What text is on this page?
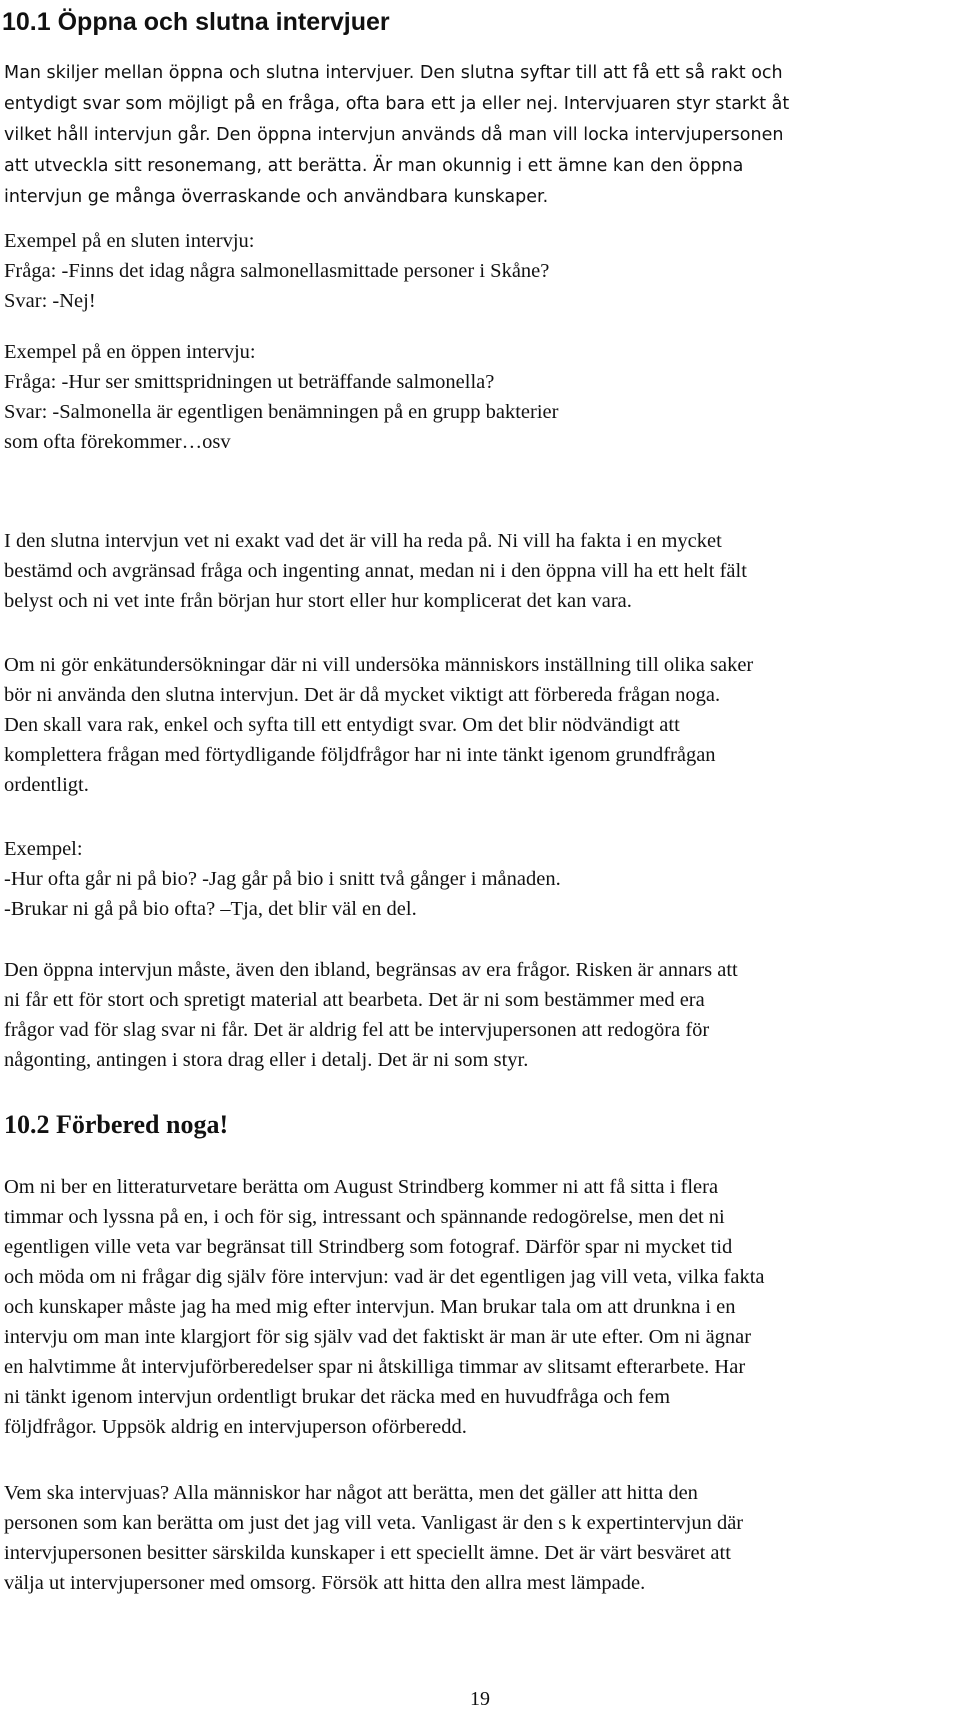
10.1 Öppna och slutna intervjuer
Man skiljer mellan öppna och slutna intervjuer. Den slutna syftar till att få ett så rakt och
entydigt svar som möjligt på en fråga, ofta bara ett ja eller nej. Intervjuaren styr starkt åt
vilket håll intervjun går. Den öppna intervjun används då man vill locka intervjupersonen
att utveckla sitt resonemang, att berätta. Är man okunnig i ett ämne kan den öppna
intervjun ge många överraskande och användbara kunskaper.
Exempel på en sluten intervju:
Fråga: -Finns det idag några salmonellasmittade personer i Skåne?
Svar: -Nej!
Exempel på en öppen intervju:
Fråga: -Hur ser smittspridningen ut beträffande salmonella?
Svar: -Salmonella är egentligen benämningen på en grupp bakterier
som ofta förekommer…osv
I den slutna intervjun vet ni exakt vad det är vill ha reda på. Ni vill ha fakta i en mycket
bestämd och avgränsad fråga och ingenting annat, medan ni i den öppna vill ha ett helt fält
belyst och ni vet inte från början hur stort eller hur komplicerat det kan vara.
Om ni gör enkätundersökningar där ni vill undersöka människors inställning till olika saker
bör ni använda den slutna intervjun. Det är då mycket viktigt att förbereda frågan noga.
Den skall vara rak, enkel och syfta till ett entydigt svar. Om det blir nödvändigt att
komplettera frågan med förtydligande följdfrågor har ni inte tänkt igenom grundfrågan
ordentligt.
Exempel:
-Hur ofta går ni på bio? -Jag går på bio i snitt två gånger i månaden.
-Brukar ni gå på bio ofta? –Tja, det blir väl en del.
Den öppna intervjun måste, även den ibland, begränsas av era frågor. Risken är annars att
ni får ett för stort och spretigt material att bearbeta. Det är ni som bestämmer med era
frågor vad för slag svar ni får. Det är aldrig fel att be intervjupersonen att redogöra för
någonting, antingen i stora drag eller i detalj. Det är ni som styr.
10.2 Förbered noga!
Om ni ber en litteraturvetare berätta om August Strindberg kommer ni att få sitta i flera
timmar och lyssna på en, i och för sig, intressant och spännande redogörelse, men det ni
egentligen ville veta var begränsat till Strindberg som fotograf. Därför spar ni mycket tid
och möda om ni frågar dig själv före intervjun: vad är det egentligen jag vill veta, vilka fakta
och kunskaper måste jag ha med mig efter intervjun. Man brukar tala om att drunkna i en
intervju om man inte klargjort för sig själv vad det faktiskt är man är ute efter. Om ni ägnar
en halvtimme åt intervjuförberedelser spar ni åtskilliga timmar av slitsamt efterarbete. Har
ni tänkt igenom intervjun ordentligt brukar det räcka med en huvudfråga och fem
följdfrågor. Uppsök aldrig en intervjuperson oförberedd.
Vem ska intervjuas? Alla människor har något att berätta, men det gäller att hitta den
personen som kan berätta om just det jag vill veta. Vanligast är den s k expertintervjun där
intervjupersonen besitter särskilda kunskaper i ett speciellt ämne. Det är värt besväret att
välja ut intervjupersoner med omsorg. Försök att hitta den allra mest lämpade.
19
